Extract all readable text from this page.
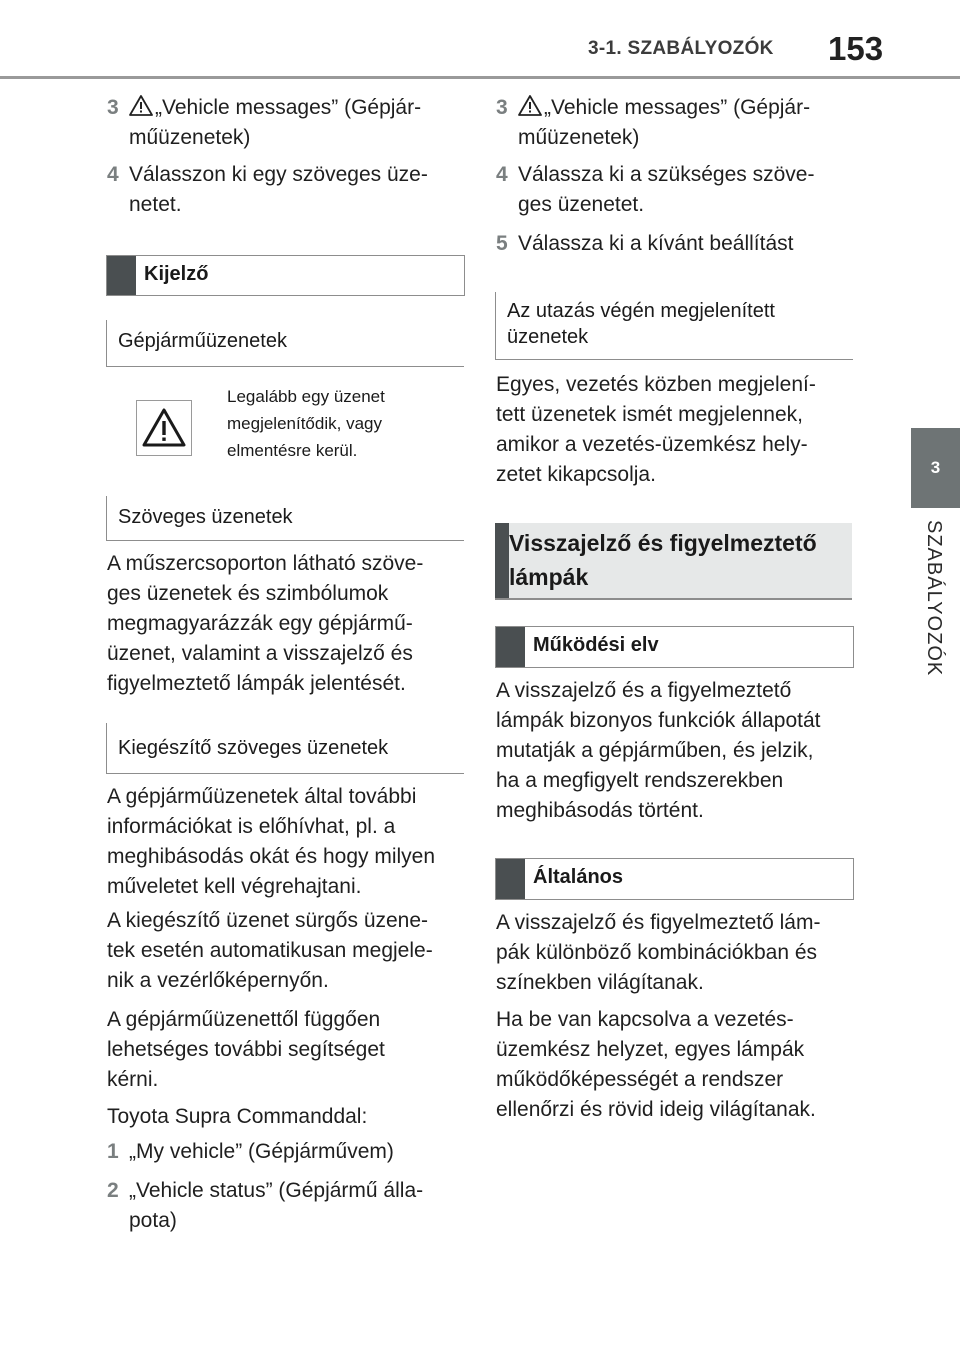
3-1. SZABÁLYOZÓK 153
3
SZABÁLYOZÓK
3	„Vehicle messages” (Gépjár-
műüzenetek)
4 Válasszon ki egy szöveges üze-
netet.
Kijelző
Gépjárműüzenetek
Legalább egy üzenet
megjelenítődik, vagy
elmentésre kerül.
Szöveges üzenetek
A műszercsoporton látható szöve-
ges üzenetek és szimbólumok
megmagyarázzák egy gépjármű-
üzenet, valamint a visszajelző és
figyelmeztető lámpák jelentését.
Kiegészítő szöveges üzenetek
A gépjárműüzenetek által további
információkat is előhívhat, pl. a
meghibásodás okát és hogy milyen
műveletet kell végrehajtani.
A kiegészítő üzenet sürgős üzene-
tek esetén automatikusan megjele-
nik a vezérlőképernyőn.
A gépjárműüzenettől függően
lehetséges további segítséget
kérni.
Toyota Supra Commanddal:
1 „My vehicle” (Gépjárművem)
2 „Vehicle status” (Gépjármű álla-
pota)
3	„Vehicle messages” (Gépjár-
műüzenetek)
4 Válassza ki a szükséges szöve-
ges üzenetet.
5 Válassza ki a kívánt beállítást
Az utazás végén megjelenített
üzenetek
Egyes, vezetés közben megjelení-
tett üzenetek ismét megjelennek,
amikor a vezetés-üzemkész hely-
zetet kikapcsolja.
Visszajelző és figyelmeztető
lámpák
Működési elv
A visszajelző és a figyelmeztető
lámpák bizonyos funkciók állapotát
mutatják a gépjárműben, és jelzik,
ha a megfigyelt rendszerekben
meghibásodás történt.
Általános
A visszajelző és figyelmeztető lám-
pák különböző kombinációkban és
színekben világítanak.
Ha be van kapcsolva a vezetés-
üzemkész helyzet, egyes lámpák
működőképességét a rendszer
ellenőrzi és rövid ideig világítanak.
